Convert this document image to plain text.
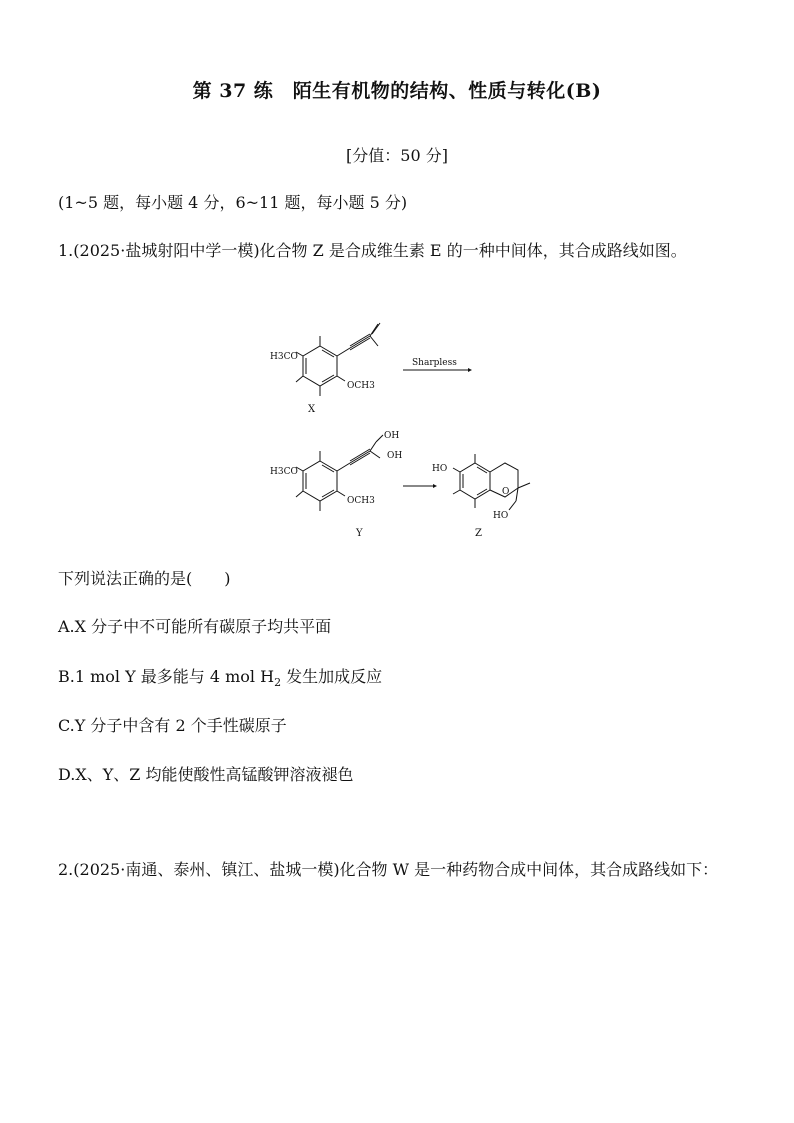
第 37 练　陌生有机物的结构、性质与转化(B)
[分值：50 分]
(1~5 题，每小题 4 分，6~11 题，每小题 5 分)
1.(2025·盐城射阳中学一模)化合物 Z 是合成维生素 E 的一种中间体，其合成路线如图。
H3CO
OCH3
X
Sharpless
OH
OH
H3CO
OCH3
Y
HO
HO
O
Z
下列说法正确的是(　　)
A.X 分子中不可能所有碳原子均共平面
B.1 mol Y 最多能与 4 mol $H_2$ 发生加成反应
C.Y 分子中含有 2 个手性碳原子
D.X、Y、Z 均能使酸性高锰酸钾溶液褪色
2.(2025·南通、泰州、镇江、盐城一模)化合物 W 是一种药物合成中间体，其合成路线如下：
